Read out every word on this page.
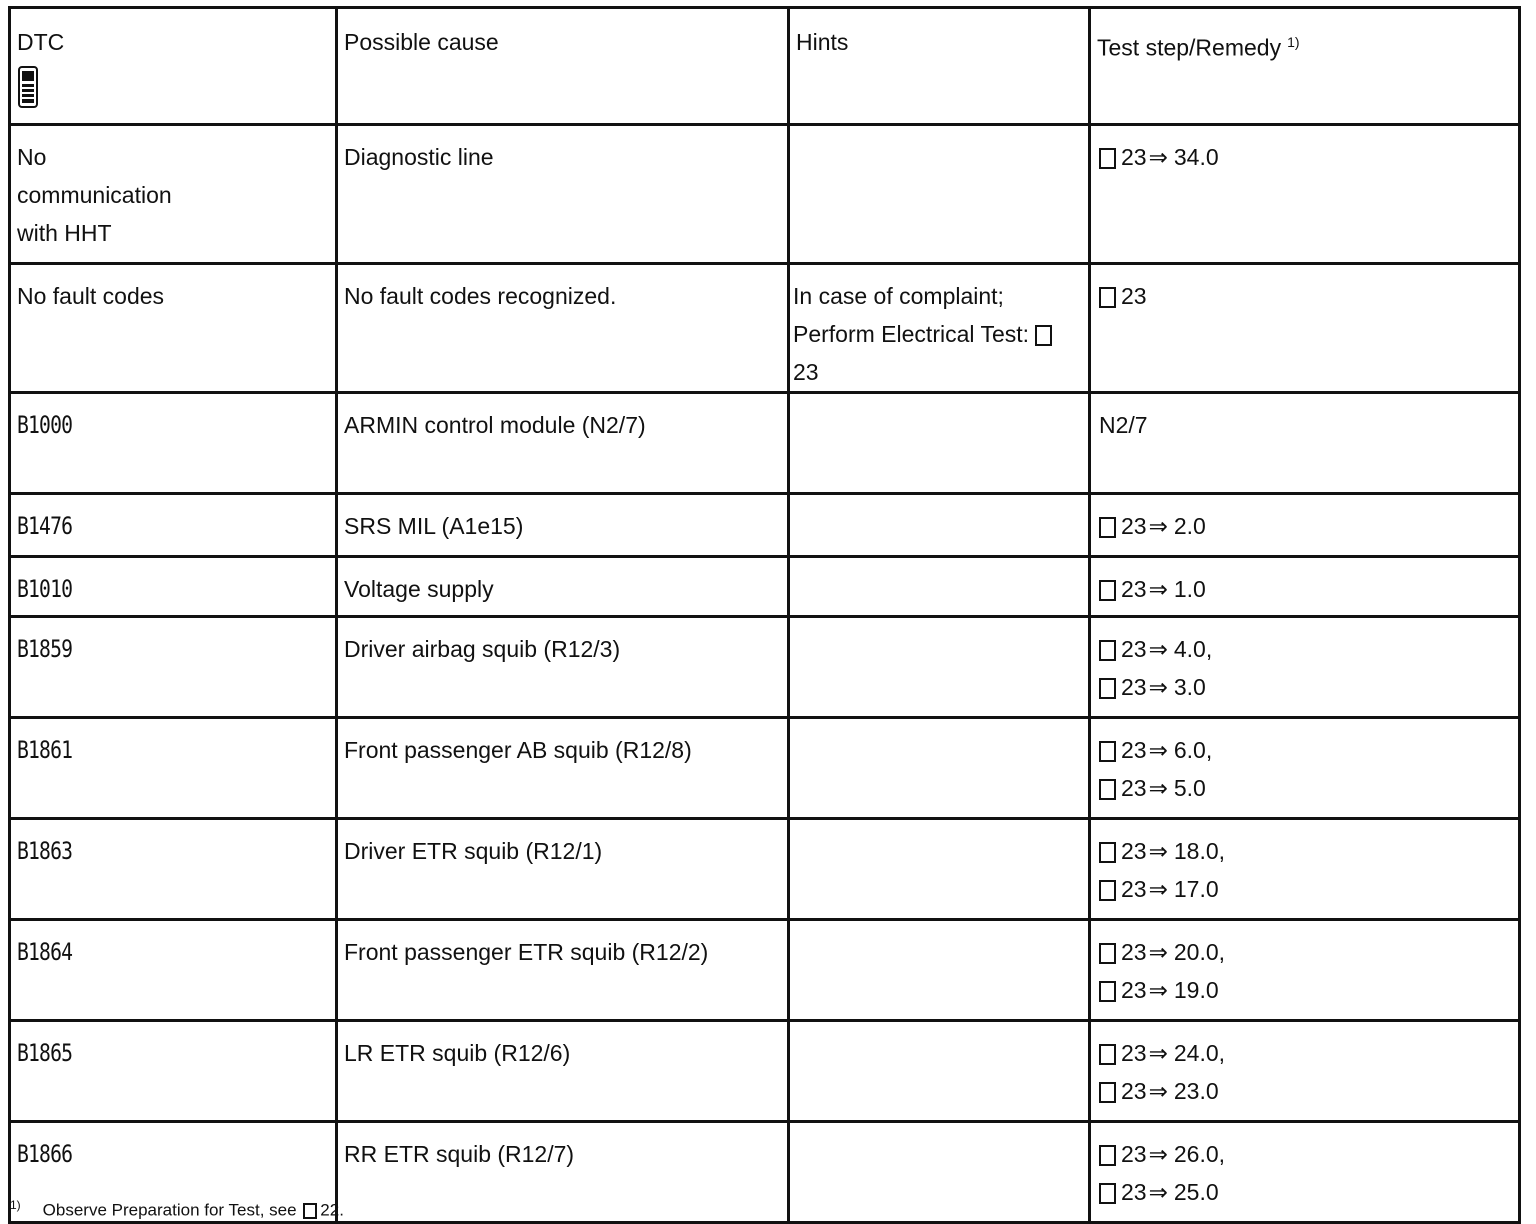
DTC	Possible cause	Hints	Test step/Remedy $^{1)}$

No
communication
with HHT	Diagnostic line		23⇒ 34.0

No fault codes	No fault codes recognized.	In case of complaint;
Perform Electrical Test: 23	23

B1000	ARMIN control module (N2/7)		N2/7

B1476	SRS MIL (A1e15)		23⇒ 2.0

B1010	Voltage supply		23⇒ 1.0

B1859	Driver airbag squib (R12/3)		23⇒ 4.0,
23⇒ 3.0

B1861	Front passenger AB squib (R12/8)		23⇒ 6.0,
23⇒ 5.0

B1863	Driver ETR squib (R12/1)		23⇒ 18.0,
23⇒ 17.0

B1864	Front passenger ETR squib (R12/2)		23⇒ 20.0,
23⇒ 19.0

B1865	LR ETR squib (R12/6)		23⇒ 24.0,
23⇒ 23.0

B1866	RR ETR squib (R12/7)		23⇒ 26.0,
23⇒ 25.0
$^{1)}$ Observe Preparation for Test, see 22.
